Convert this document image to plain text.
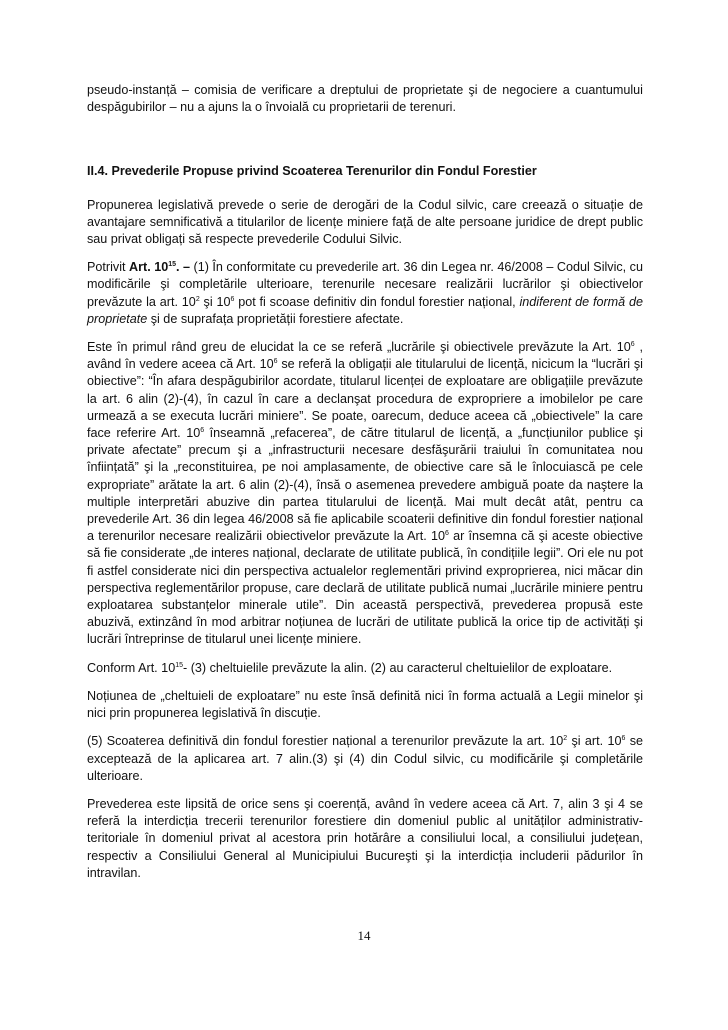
pseudo-instanță – comisia de verificare a dreptului de proprietate şi de negociere a cuantumului despăgubirilor – nu a ajuns la o învoială cu proprietarii de terenuri.

II.4. Prevederile Propuse privind Scoaterea Terenurilor din Fondul Forestier

Propunerea legislativă prevede o serie de derogări de la Codul silvic, care creează o situație de avantajare semnificativă a titularilor de licențe miniere față de alte persoane juridice de drept public sau privat obligați să respecte prevederile Codului Silvic.

Potrivit Art. $10^{15}$. – (1) În conformitate cu prevederile art. 36 din Legea nr. 46/2008 – Codul Silvic, cu modificările şi completările ulterioare, terenurile necesare realizării lucrărilor şi obiectivelor prevăzute la art. $10^2$ şi $10^6$ pot fi scoase definitiv din fondul forestier național, indiferent de formă de proprietate şi de suprafața proprietății forestiere afectate.

Este în primul rând greu de elucidat la ce se referă „lucrările şi obiectivele prevăzute la Art. $10^6$ , având în vedere aceea că Art. $10^6$ se referă la obligații ale titularului de licență, nicicum la “lucrări şi obiective”: “În afara despăgubirilor acordate, titularul licenței de exploatare are obligațiile prevăzute la art. 6 alin (2)-(4), în cazul în care a declanşat procedura de expropriere a imobilelor pe care urmează a se executa lucrări miniere”. Se poate, oarecum, deduce aceea că „obiectivele” la care face referire Art. $10^6$ înseamnă „refacerea”, de către titularul de licență, a „funcțiunilor publice şi private afectate” precum şi a „infrastructurii necesare desfăşurării traiului în comunitatea nou înființată” şi la „reconstituirea, pe noi amplasamente, de obiective care să le înlocuiască pe cele expropriate” arătate la art. 6 alin (2)-(4), însă o asemenea prevedere ambiguă poate da naştere la multiple interpretări abuzive din partea titularului de licență. Mai mult decât atât, pentru ca prevederile Art. 36 din legea 46/2008 să fie aplicabile scoaterii definitive din fondul forestier național a terenurilor necesare realizării obiectivelor prevăzute la Art. $10^6$ ar însemna că şi aceste obiective să fie considerate „de interes național, declarate de utilitate publică, în condițiile legii”. Ori ele nu pot fi astfel considerate nici din perspectiva actualelor reglementări privind exproprierea, nici măcar din perspectiva reglementărilor propuse, care declară de utilitate publică numai „lucrările miniere pentru exploatarea substanțelor minerale utile”. Din această perspectivă, prevederea propusă este abuzivă, extinzând în mod arbitrar noțiunea de lucrări de utilitate publică la orice tip de activități şi lucrări întreprinse de titularul unei licențe miniere.

Conform Art. $10^{15}-$ (3) cheltuielile prevăzute la alin. (2) au caracterul cheltuielilor de exploatare.

Noțiunea de „cheltuieli de exploatare” nu este însă definită nici în forma actuală a Legii minelor şi nici prin propunerea legislativă în discuție.

(5) Scoaterea definitivă din fondul forestier național a terenurilor prevăzute la art. $10^2$ şi art. $10^6$ se exceptează de la aplicarea art. 7 alin.(3) şi (4) din Codul silvic, cu modificările şi completările ulterioare.

Prevederea este lipsită de orice sens şi coerență, având în vedere aceea că Art. 7, alin 3 şi 4 se referă la interdicția trecerii terenurilor forestiere din domeniul public al unităților administrativ-teritoriale în domeniul privat al acestora prin hotărâre a consiliului local, a consiliului județean, respectiv a Consiliului General al Municipiului Bucureşti şi la interdicția includerii pădurilor în intravilan.

14
